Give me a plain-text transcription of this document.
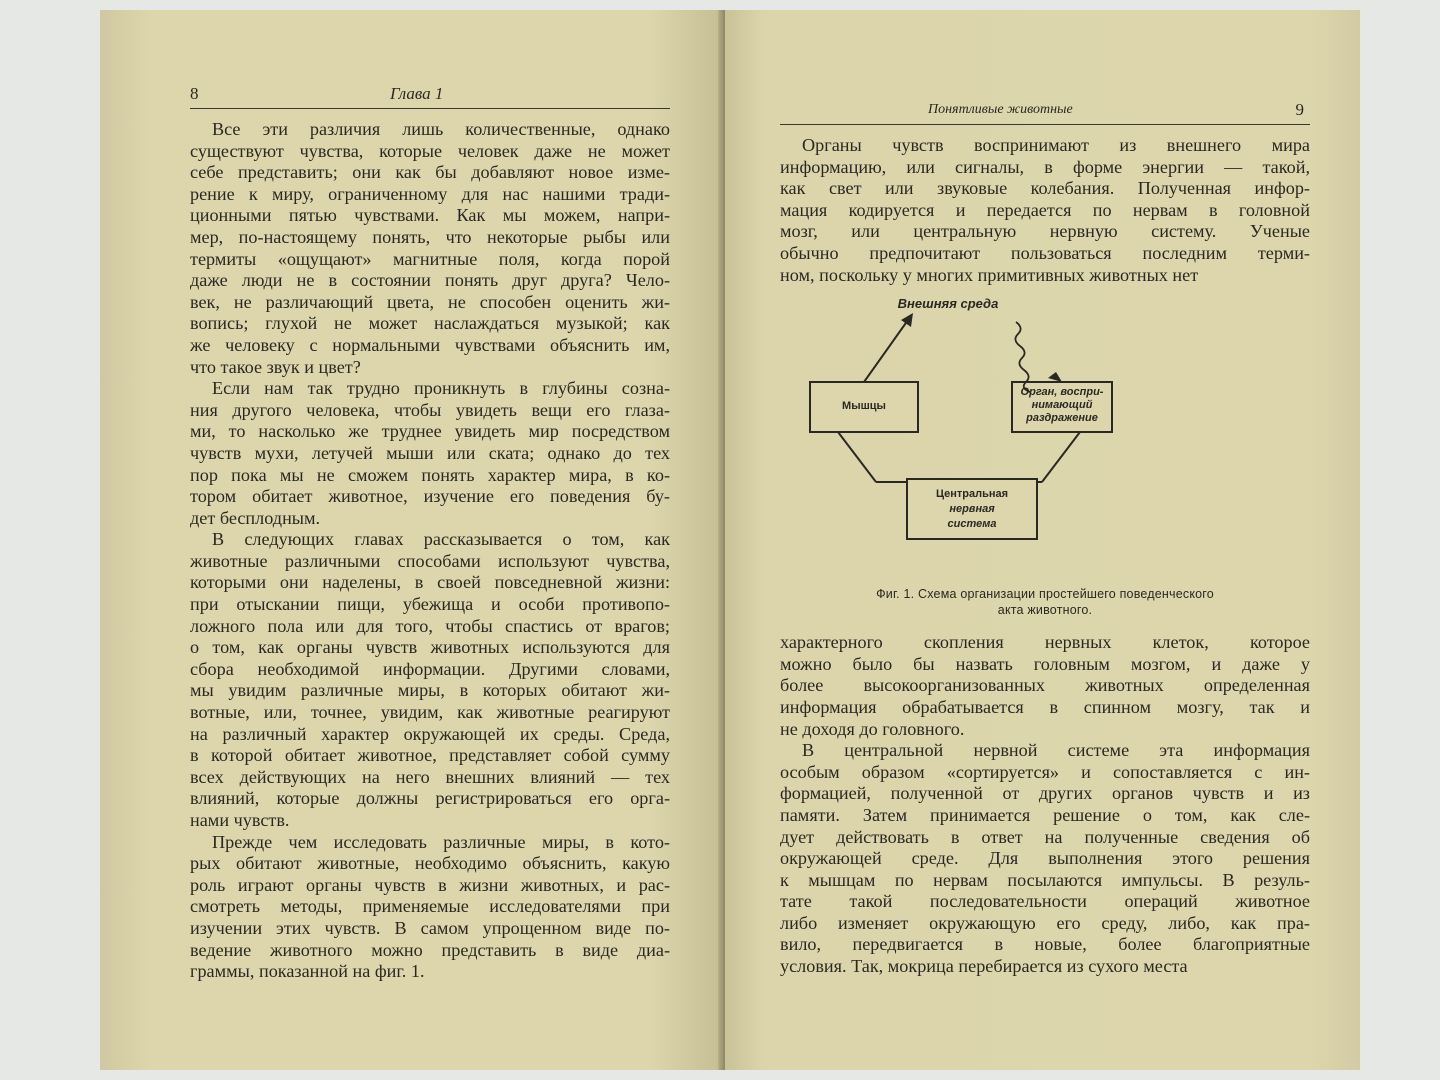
8	Глава 1

Все эти различия лишь количественные, однако
существуют чувства, которые человек даже не может
себе представить; они как бы добавляют новое изме-
рение к миру, ограниченному для нас нашими тради-
ционными пятью чувствами. Как мы можем, напри-
мер, по-настоящему понять, что некоторые рыбы или
термиты «ощущают» магнитные поля, когда порой
даже люди не в состоянии понять друг друга? Чело-
век, не различающий цвета, не способен оценить жи-
вопись; глухой не может наслаждаться музыкой; как
же человеку с нормальными чувствами объяснить им,
что такое звук и цвет?

Если нам так трудно проникнуть в глубины созна-
ния другого человека, чтобы увидеть вещи его глаза-
ми, то насколько же труднее увидеть мир посредством
чувств мухи, летучей мыши или ската; однако до тех
пор пока мы не сможем понять характер мира, в ко-
тором обитает животное, изучение его поведения бу-
дет бесплодным.

В следующих главах рассказывается о том, как
животные различными способами используют чувства,
которыми они наделены, в своей повседневной жизни:
при отыскании пищи, убежища и особи противопо-
ложного пола или для того, чтобы спастись от врагов;
о том, как органы чувств животных используются для
сбора необходимой информации. Другими словами,
мы увидим различные миры, в которых обитают жи-
вотные, или, точнее, увидим, как животные реагируют
на различный характер окружающей их среды. Среда,
в которой обитает животное, представляет собой сумму
всех действующих на него внешних влияний — тех
влияний, которые должны регистрироваться его орга-
нами чувств.

Прежде чем исследовать различные миры, в кото-
рых обитают животные, необходимо объяснить, какую
роль играют органы чувств в жизни животных, и рас-
смотреть методы, применяемые исследователями при
изучении этих чувств. В самом упрощенном виде по-
ведение животного можно представить в виде диа-
граммы, показанной на фиг. 1.

Понятливые животные	9

Органы чувств воспринимают из внешнего мира
информацию, или сигналы, в форме энергии — такой,
как свет или звуковые колебания. Полученная инфор-
мация кодируется и передается по нервам в головной
мозг, или центральную нервную систему. Ученые
обычно предпочитают пользоваться последним терми-
ном, поскольку у многих примитивных животных нет

Внешняя среда
Мышцы
Орган, воспри-
нимающий
раздражение
Центральная
нервная
система
Фиг. 1. Схема организации простейшего поведенческого
акта животного.

характерного скопления нервных клеток, которое
можно было бы назвать головным мозгом, и даже у
более высокоорганизованных животных определенная
информация обрабатывается в спинном мозгу, так и
не доходя до головного.

В центральной нервной системе эта информация
особым образом «сортируется» и сопоставляется с ин-
формацией, полученной от других органов чувств и из
памяти. Затем принимается решение о том, как сле-
дует действовать в ответ на полученные сведения об
окружающей среде. Для выполнения этого решения
к мышцам по нервам посылаются импульсы. В резуль-
тате такой последовательности операций животное
либо изменяет окружающую его среду, либо, как пра-
вило, передвигается в новые, более благоприятные
условия. Так, мокрица перебирается из сухого места
